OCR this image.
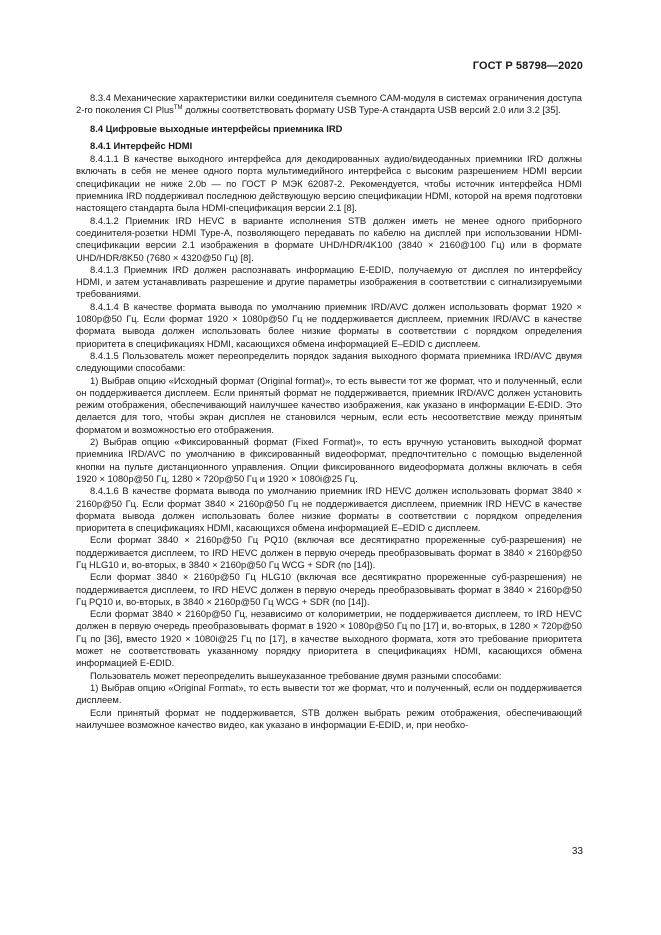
ГОСТ Р 58798—2020

8.3.4 Механические характеристики вилки соединителя съемного CAM-модуля в системах ограничения доступа 2-го поколения CI Plus™ должны соответствовать формату USB Type-A стандарта USB версий 2.0 или 3.2 [35].

8.4 Цифровые выходные интерфейсы приемника IRD

8.4.1 Интерфейс HDMI

8.4.1.1 В качестве выходного интерфейса для декодированных аудио/видеоданных приемники IRD должны включать в себя не менее одного порта мультимедийного интерфейса с высоким разрешением HDMI версии спецификации не ниже 2.0b — по ГОСТ Р МЭК 62087-2. Рекомендуется, чтобы источник интерфейса HDMI приемника IRD поддерживал последнюю действующую версию спецификации HDMI, которой на время подготовки настоящего стандарта была HDMI-спецификация версии 2.1 [8].

8.4.1.2 Приемник IRD HEVC в варианте исполнения STB должен иметь не менее одного приборного соединителя-розетки HDMI Type-A, позволяющего передавать по кабелю на дисплей при использовании HDMI-спецификации версии 2.1 изображения в формате UHD/HDR/4K100 (3840 × 2160@100 Гц) или в формате UHD/HDR/8K50 (7680 × 4320@50 Гц) [8].

8.4.1.3 Приемник IRD должен распознавать информацию E-EDID, получаемую от дисплея по интерфейсу HDMI, и затем устанавливать разрешение и другие параметры изображения в соответствии с сигнализируемыми требованиями.

8.4.1.4 В качестве формата вывода по умолчанию приемник IRD/AVC должен использовать формат 1920 × 1080p@50 Гц. Если формат 1920 × 1080p@50 Гц не поддерживается дисплеем, приемник IRD/AVC в качестве формата вывода должен использовать более низкие форматы в соответствии с порядком определения приоритета в спецификациях HDMI, касающихся обмена информацией E–EDID с дисплеем.

8.4.1.5 Пользователь может переопределить порядок задания выходного формата приемника IRD/AVC двумя следующими способами:

1) Выбрав опцию «Исходный формат (Original format)», то есть вывести тот же формат, что и полученный, если он поддерживается дисплеем. Если принятый формат не поддерживается, приемник IRD/AVC должен установить режим отображения, обеспечивающий наилучшее качество изображения, как указано в информации E-EDID. Это делается для того, чтобы экран дисплея не становился черным, если есть несоответствие между принятым форматом и возможностью его отображения.

2) Выбрав опцию «Фиксированный формат (Fixed Format)», то есть вручную установить выходной формат приемника IRD/AVC по умолчанию в фиксированный видеоформат, предпочтительно с помощью выделенной кнопки на пульте дистанционного управления. Опции фиксированного видеоформата должны включать в себя 1920 × 1080p@50 Гц, 1280 × 720p@50 Гц и 1920 × 1080i@25 Гц.

8.4.1.6 В качестве формата вывода по умолчанию приемник IRD HEVC должен использовать формат 3840 × 2160p@50 Гц. Если формат 3840 × 2160p@50 Гц не поддерживается дисплеем, приемник IRD HEVC в качестве формата вывода должен использовать более низкие форматы в соответствии с порядком определения приоритета в спецификациях HDMI, касающихся обмена информацией E–EDID с дисплеем.

Если формат 3840 × 2160p@50 Гц PQ10 (включая все десятикратно прореженные суб-разрешения) не поддерживается дисплеем, то IRD HEVC должен в первую очередь преобразовывать формат в 3840 × 2160p@50 Гц HLG10 и, во-вторых, в 3840 × 2160p@50 Гц WCG + SDR (по [14]).

Если формат 3840 × 2160p@50 Гц HLG10 (включая все десятикратно прореженные суб-разрешения) не поддерживается дисплеем, то IRD HEVC должен в первую очередь преобразовывать формат в 3840 × 2160p@50 Гц PQ10 и, во-вторых, в 3840 × 2160p@50 Гц WCG + SDR (по [14]).

Если формат 3840 × 2160p@50 Гц, независимо от колориметрии, не поддерживается дисплеем, то IRD HEVC должен в первую очередь преобразовывать формат в 1920 × 1080p@50 Гц по [17] и, во-вторых, в 1280 × 720p@50 Гц по [36], вместо 1920 × 1080i@25 Гц по [17], в качестве выходного формата, хотя это требование приоритета может не соответствовать указанному порядку приоритета в спецификациях HDMI, касающихся обмена информацией E-EDID.

Пользователь может переопределить вышеуказанное требование двумя разными способами:

1) Выбрав опцию «Original Format», то есть вывести тот же формат, что и полученный, если он поддерживается дисплеем.

Если принятый формат не поддерживается, STB должен выбрать режим отображения, обеспечивающий наилучшее возможное качество видео, как указано в информации E-EDID, и, при необхо-

33
